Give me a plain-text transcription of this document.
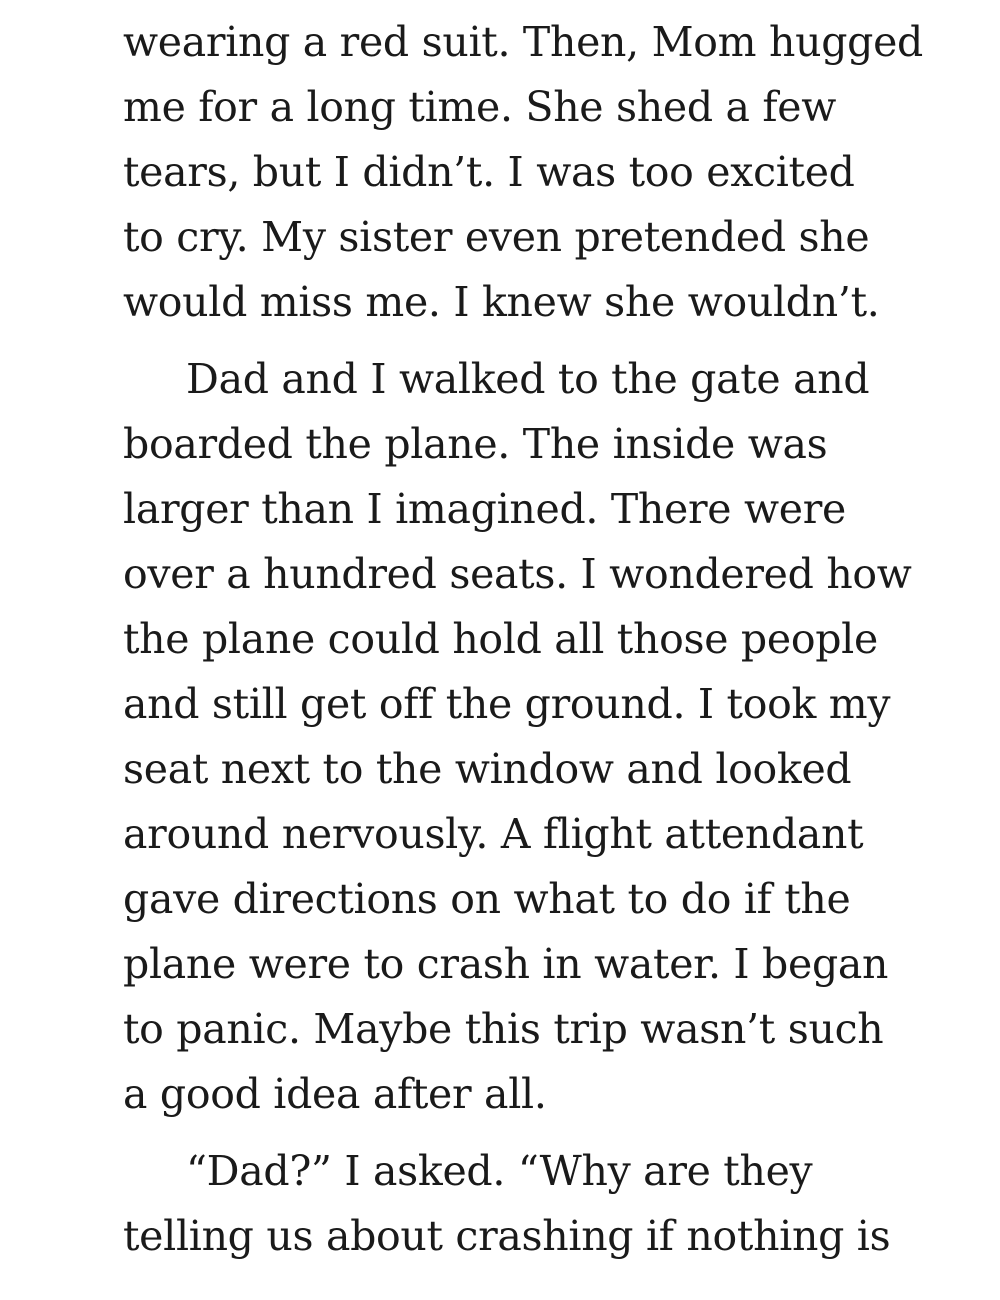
wearing a red suit. Then, Mom hugged
me for a long time. She shed a few
tears, but I didn’t. I was too excited
to cry. My sister even pretended she
would miss me. I knew she wouldn’t.

Dad and I walked to the gate and
boarded the plane. The inside was
larger than I imagined. There were
over a hundred seats. I wondered how
the plane could hold all those people
and still get off the ground. I took my
seat next to the window and looked
around nervously. A flight attendant
gave directions on what to do if the
plane were to crash in water. I began
to panic. Maybe this trip wasn’t such
a good idea after all.

“Dad?” I asked. “Why are they
telling us about crashing if nothing is
